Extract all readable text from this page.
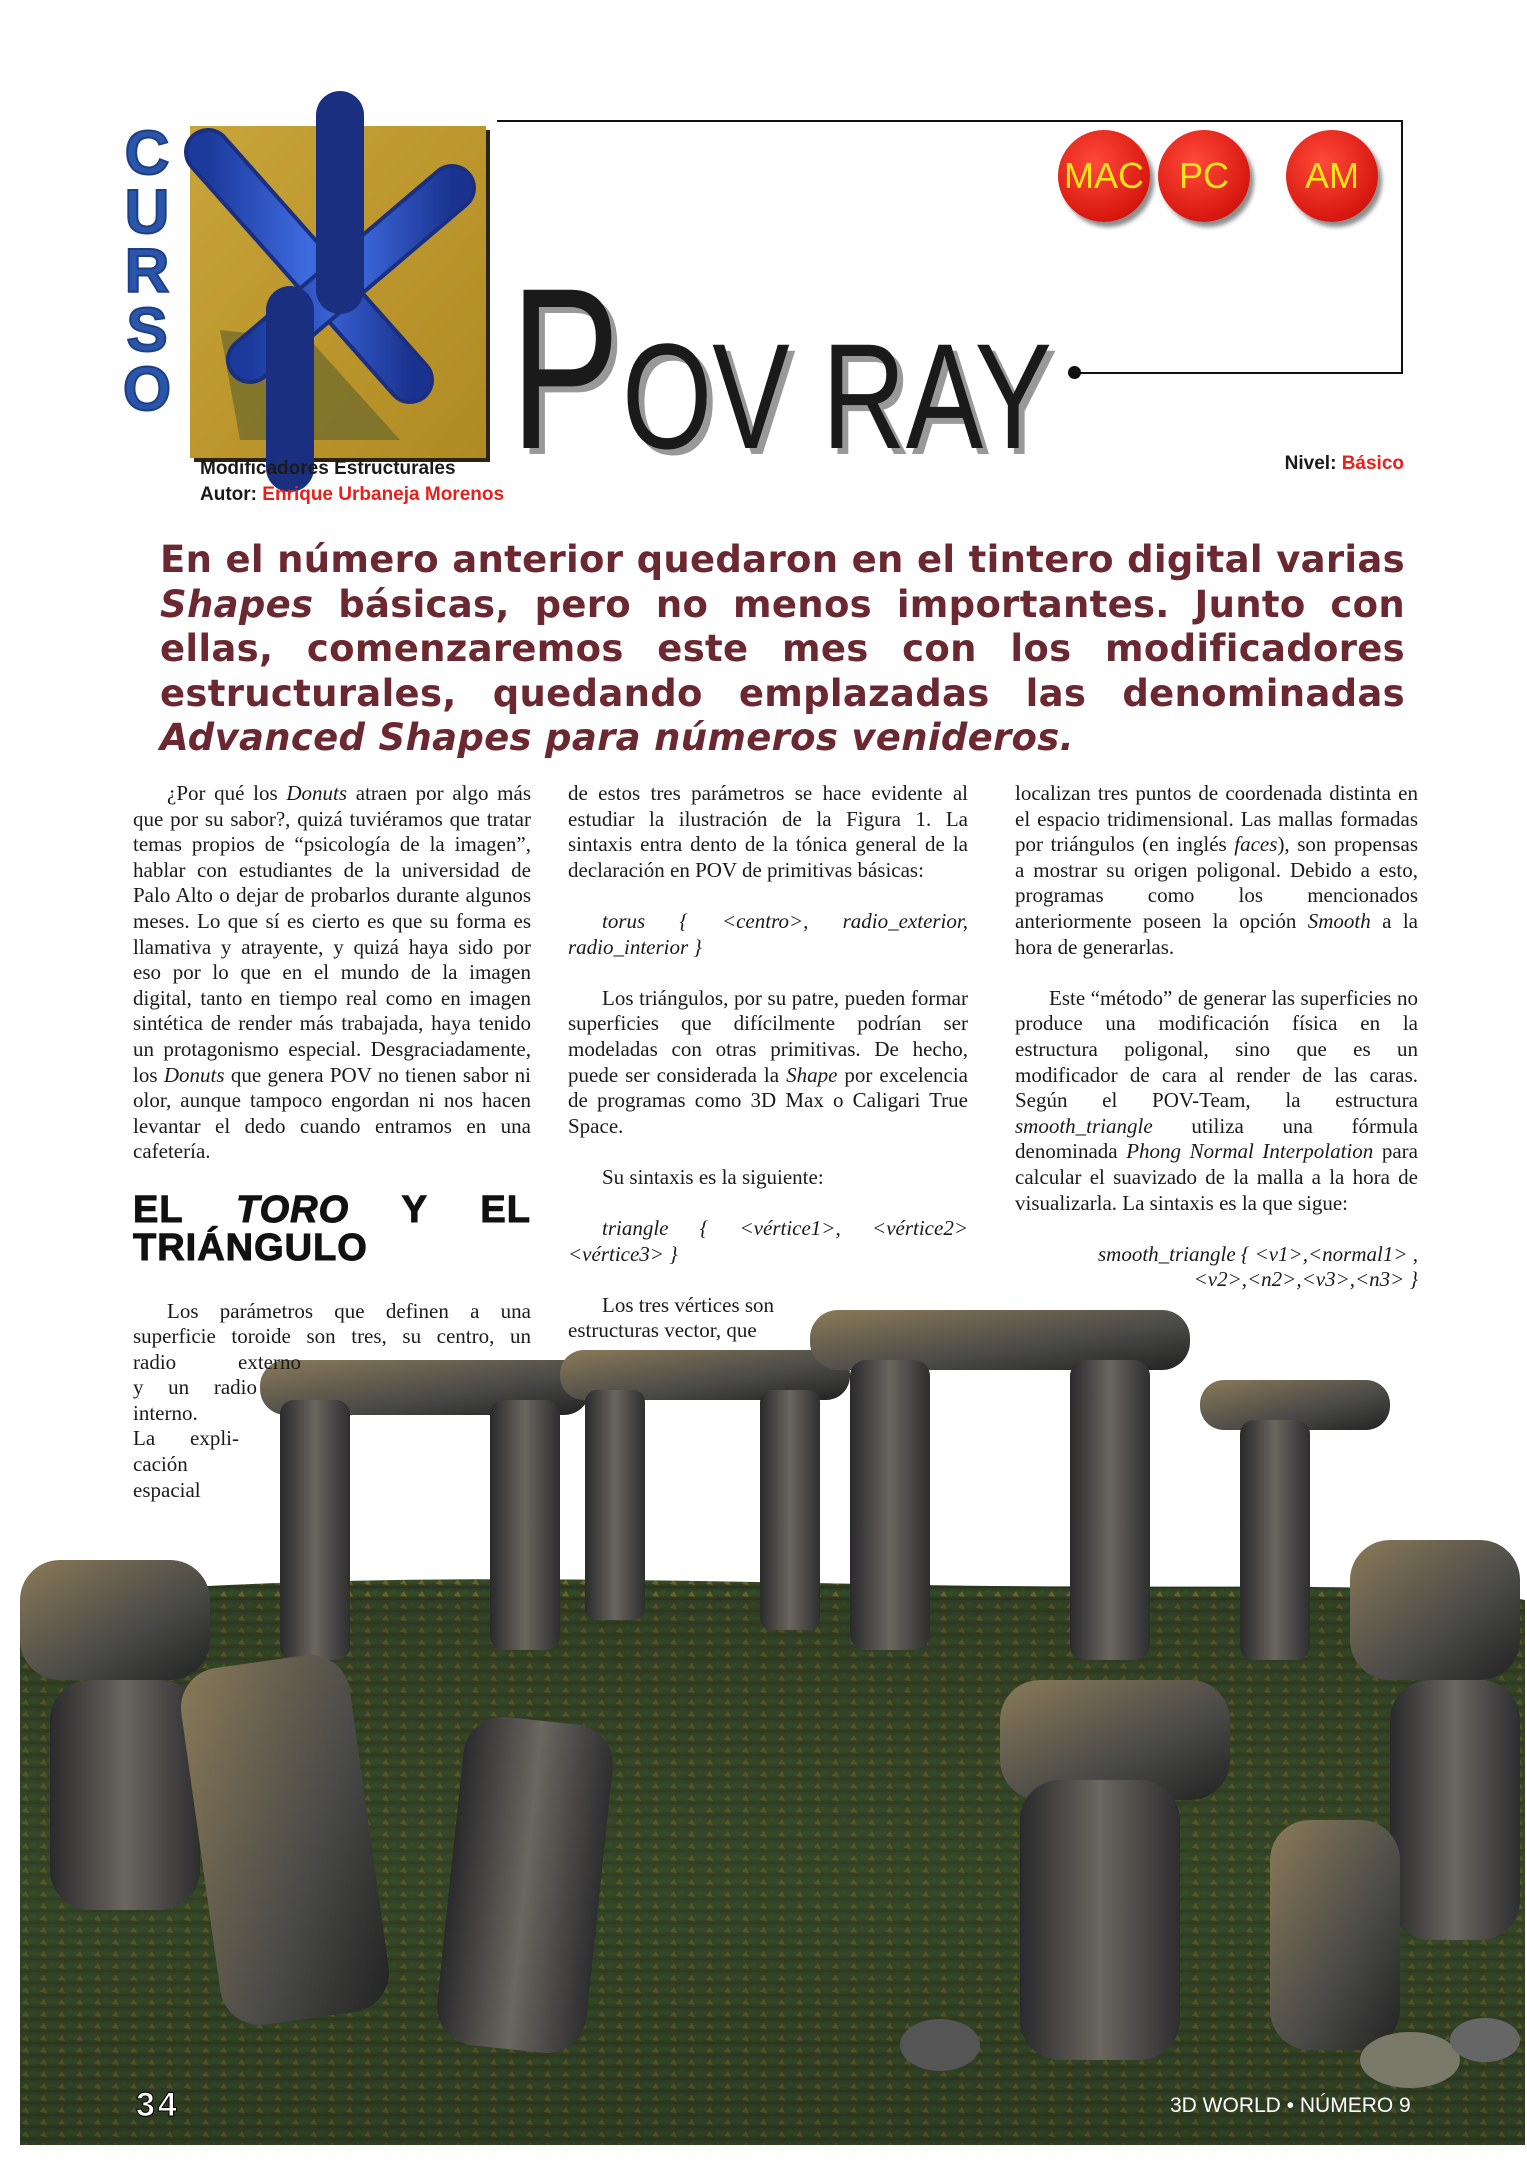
C
U
R
S
O P OV RAY
MAC PC	AM
Modificadores Estructurales
Autor: Enrique Urbaneja Morenos
Nivel: Básico
En el número anterior quedaron en el tintero digital varias Shapes básicas, pero no menos importantes. Junto con ellas, comenzaremos este mes con los modificadores estructurales, quedando emplazadas las denominadas Advanced Shapes para números venideros.

¿Por qué los Donuts atraen por algo más que por su sabor?, quizá tuviéramos que tratar temas propios de “psicología de la imagen”, hablar con estudiantes de la universidad de Palo Alto o dejar de probarlos durante algunos meses. Lo que sí es cierto es que su forma es llamativa y atrayente, y quizá haya sido por eso por lo que en el mundo de la imagen digital, tanto en tiempo real como en imagen sintética de render más trabajada, haya tenido un protagonismo especial. Desgraciadamente, los Donuts que genera POV no tienen sabor ni olor, aunque tampoco engordan ni nos hacen levantar el dedo cuando entramos en una cafetería.

EL TORO Y EL TRIÁNGULO

Los parámetros que definen a una superficie toroide son tres, su centro, un

radio externo
y un radio
interno.
La expli-
cación
espacial

de estos tres parámetros se hace evidente al estudiar la ilustración de la Figura 1. La sintaxis entra dento de la tónica general de la declaración en POV de primitivas básicas:

torus { <centro>, radio_exterior, radio_interior }

Los triángulos, por su patre, pueden formar superficies que difícilmente podrían ser modeladas con otras primitivas. De hecho, puede ser considerada la Shape por excelencia de programas como 3D Max o Caligari True Space.

Su sintaxis es la siguiente:

triangle { <vértice1>, <vértice2> <vértice3> }

Los tres vértices son
estructuras vector, que

localizan tres puntos de coordenada distinta en el espacio tridimensional. Las mallas formadas por triángulos (en inglés faces), son propensas a mostrar su origen poligonal. Debido a esto, programas como los mencionados anteriormente poseen la opción Smooth a la hora de generarlas.

Este “método” de generar las superficies no produce una modificación física en la estructura poligonal, sino que es un modificador de cara al render de las caras. Según el POV-Team, la estructura smooth_triangle utiliza una fórmula denominada Phong Normal Interpolation para calcular el suavizado de la malla a la hora de visualizarla. La sintaxis es la que sigue:

smooth_triangle { <v1>,<normal1> ,<v2>,<n2>,<v3>,<n3> }

34	3D WORLD • NÚMERO 9
